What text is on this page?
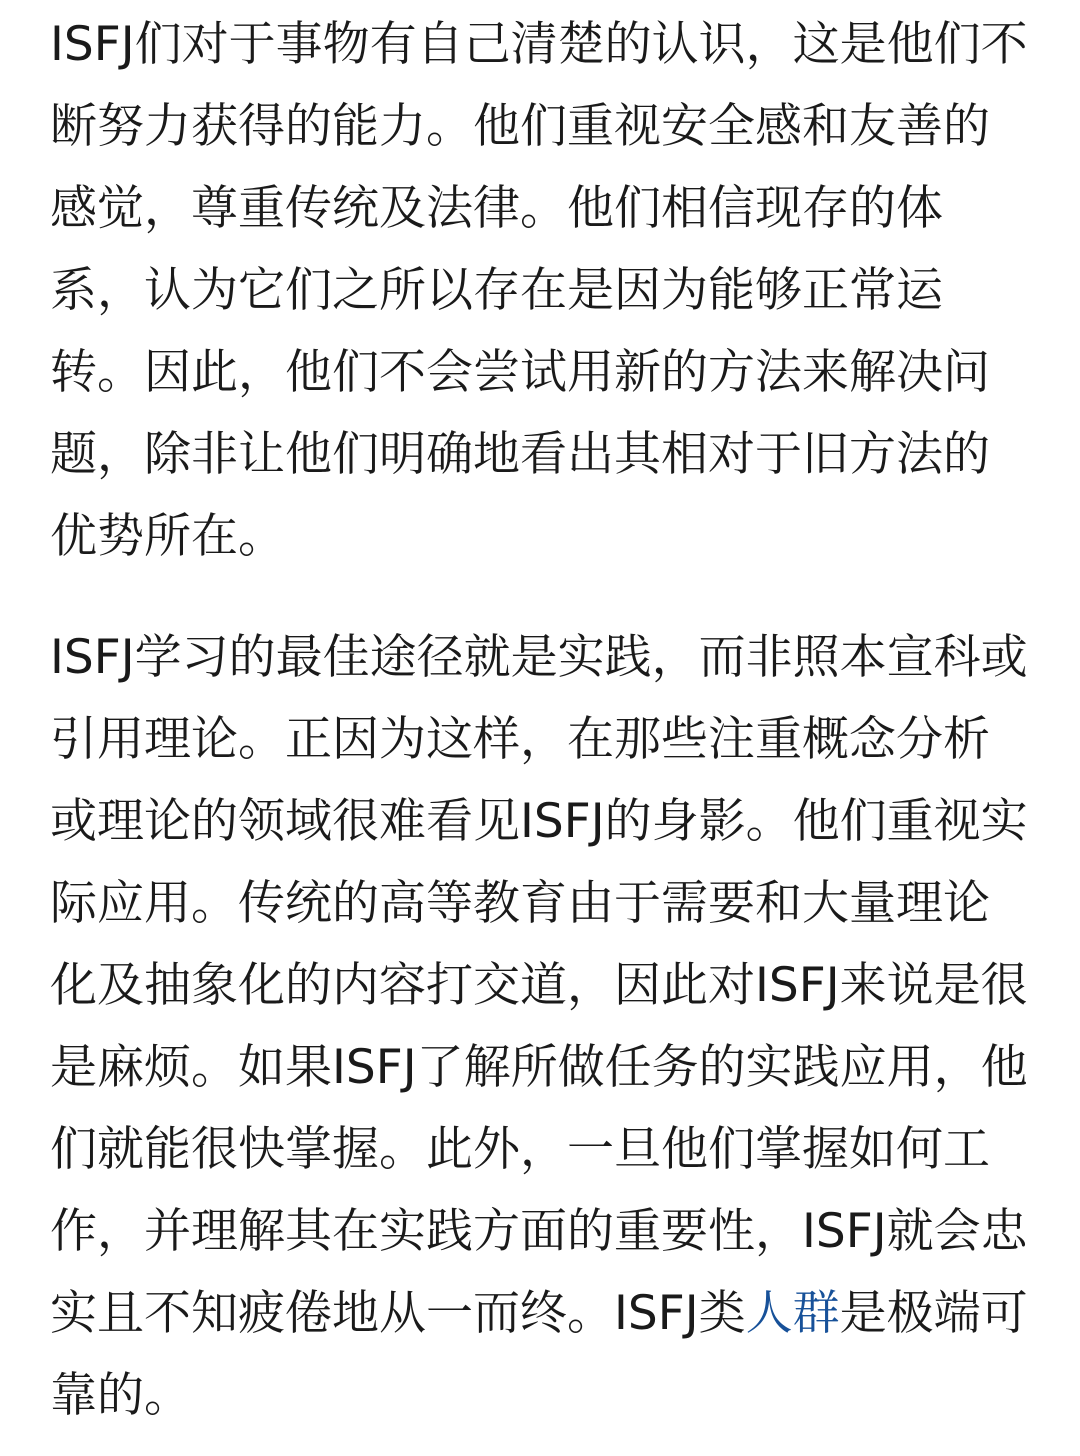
ISFJ们对于事物有自己清楚的认识，这是他们不断努力获得的能力。他们重视安全感和友善的感觉，尊重传统及法律。他们相信现存的体系，认为它们之所以存在是因为能够正常运转。因此，他们不会尝试用新的方法来解决问题，除非让他们明确地看出其相对于旧方法的优势所在。

ISFJ学习的最佳途径就是实践，而非照本宣科或引用理论。正因为这样，在那些注重概念分析或理论的领域很难看见ISFJ的身影。他们重视实际应用。传统的高等教育由于需要和大量理论化及抽象化的内容打交道，因此对ISFJ来说是很是麻烦。如果ISFJ了解所做任务的实践应用，他们就能很快掌握。此外，一旦他们掌握如何工作，并理解其在实践方面的重要性，ISFJ就会忠实且不知疲倦地从一而终。ISFJ类人群是极端可靠的。
